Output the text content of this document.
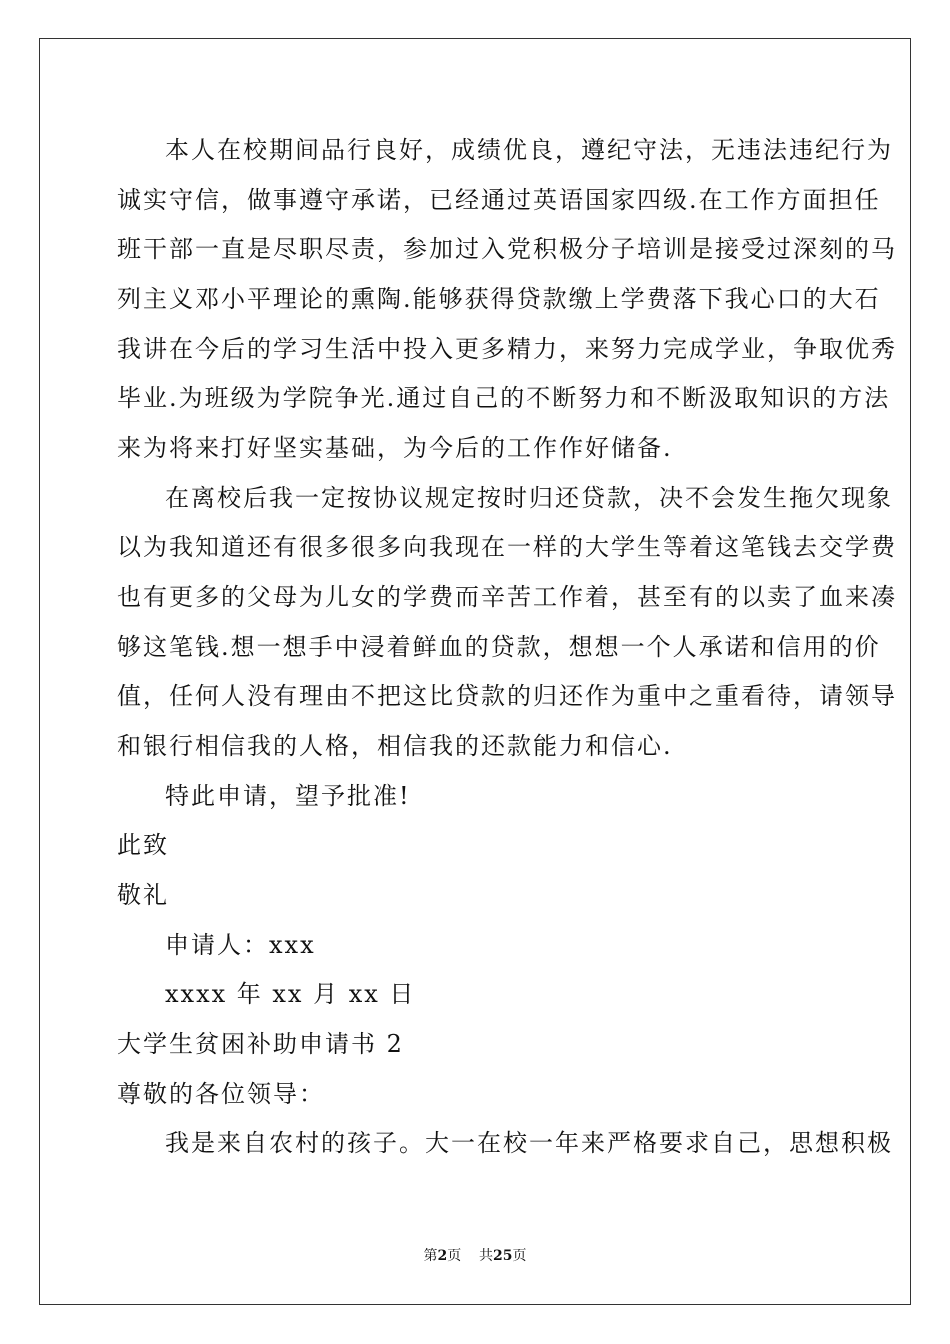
本人在校期间品行良好，成绩优良，遵纪守法，无违法违纪行为
诚实守信，做事遵守承诺，已经通过英语国家四级.在工作方面担任
班干部一直是尽职尽责，参加过入党积极分子培训是接受过深刻的马
列主义邓小平理论的熏陶.能够获得贷款缴上学费落下我心口的大石
我讲在今后的学习生活中投入更多精力，来努力完成学业，争取优秀
毕业.为班级为学院争光.通过自己的不断努力和不断汲取知识的方法
来为将来打好坚实基础，为今后的工作作好储备.
在离校后我一定按协议规定按时归还贷款，决不会发生拖欠现象
以为我知道还有很多很多向我现在一样的大学生等着这笔钱去交学费
也有更多的父母为儿女的学费而辛苦工作着，甚至有的以卖了血来凑
够这笔钱.想一想手中浸着鲜血的贷款，想想一个人承诺和信用的价
值，任何人没有理由不把这比贷款的归还作为重中之重看待，请领导
和银行相信我的人格，相信我的还款能力和信心.
特此申请，望予批准!
此致
敬礼
申请人：xxx
xxxx 年 xx 月 xx 日
大学生贫困补助申请书 2
尊敬的各位领导：
我是来自农村的孩子。大一在校一年来严格要求自己，思想积极
第2页 共25页
